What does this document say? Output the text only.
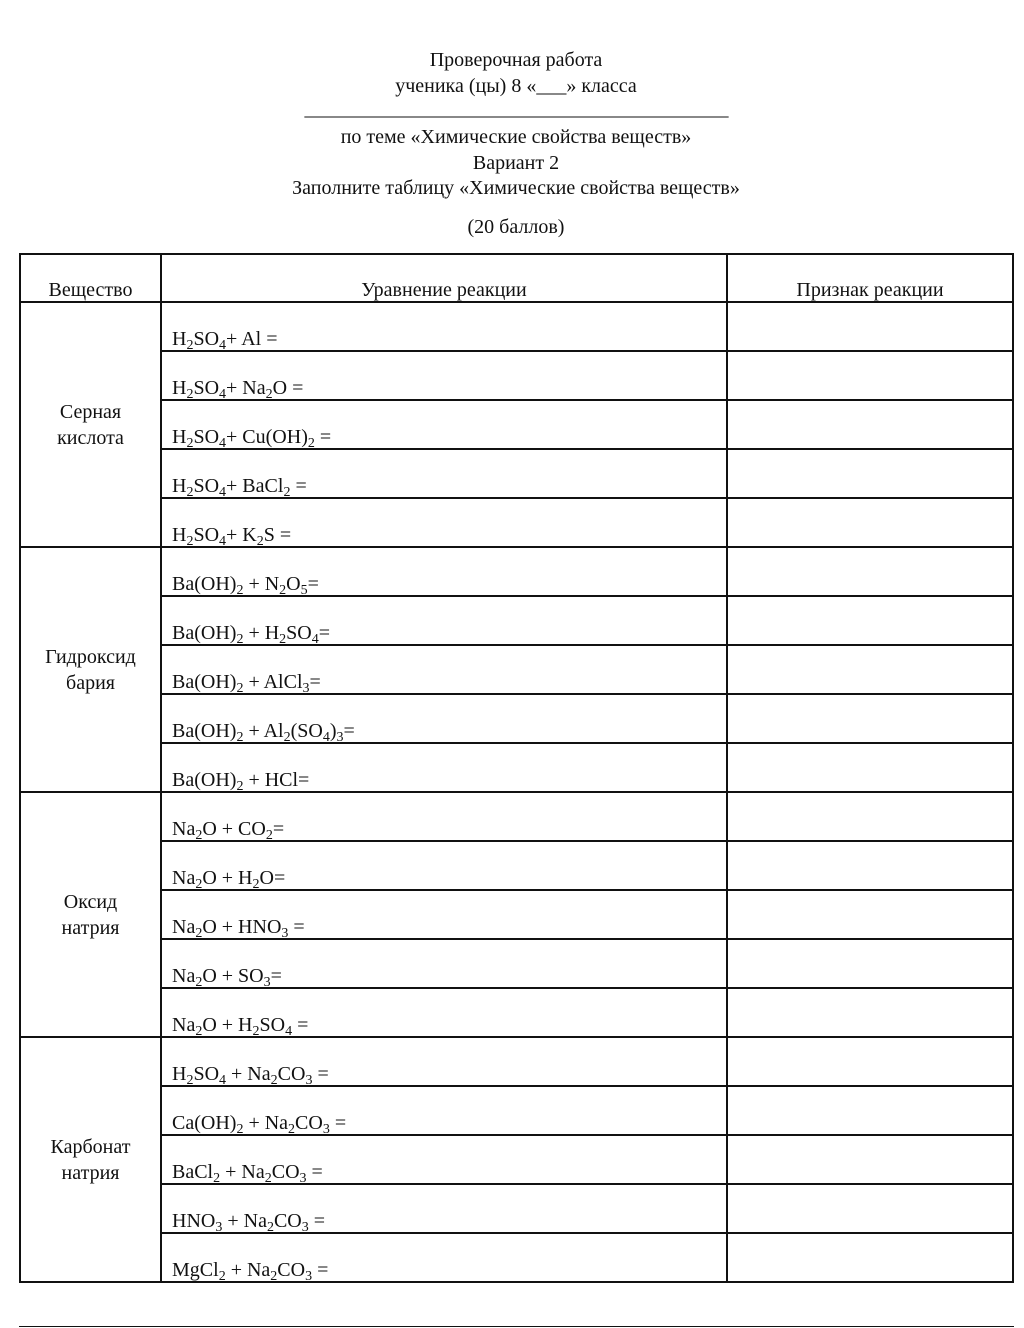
Проверочная работа
ученика (цы) 8 «___» класса
_______________________________________________
по теме «Химические свойства веществ»
Вариант 2
Заполните таблицу «Химические свойства веществ»
(20 баллов)
Вещество	Уравнение реакции	Признак реакции

Серная
кислота	$H_2SO_4+ Al$ =	
	$H_2SO_4+ Na_2O$ =	
	$H_2SO_4+ Cu(OH)_2$ =	
	$H_2SO_4+$ BaCl$_2$ =	
	$H_2SO_4+ K_2S$ =	

Гидроксид
бария	$Ba(OH)_2 + N_2O_5=$	
	$Ba(OH)_2 + H_2SO_4=$	
	$Ba(OH)_2$ + AlCl$_3$=	
	$Ba(OH)_2 + Al_2(SO_4)_3=$	
	$Ba(OH)_2 + HCl=$	

Оксид
натрия	$Na_2O + CO_2=$	
	$Na_2O + H_2O=$	
	$Na_2O + HNO_3$ =	
	$Na_2O + SO_3=$	
	$Na_2O + H_2SO_4$ =	

Карбонат
натрия	$H_2SO_4 + Na_2CO_3$ =	
	$Ca(OH)_2 + Na_2CO_3$ =	
	BaCl$_2$ + $Na_2CO_3$ =	
	$HNO_3 + Na_2CO_3$ =	
	MgCl$_2$ + $Na_2CO_3$ =	
